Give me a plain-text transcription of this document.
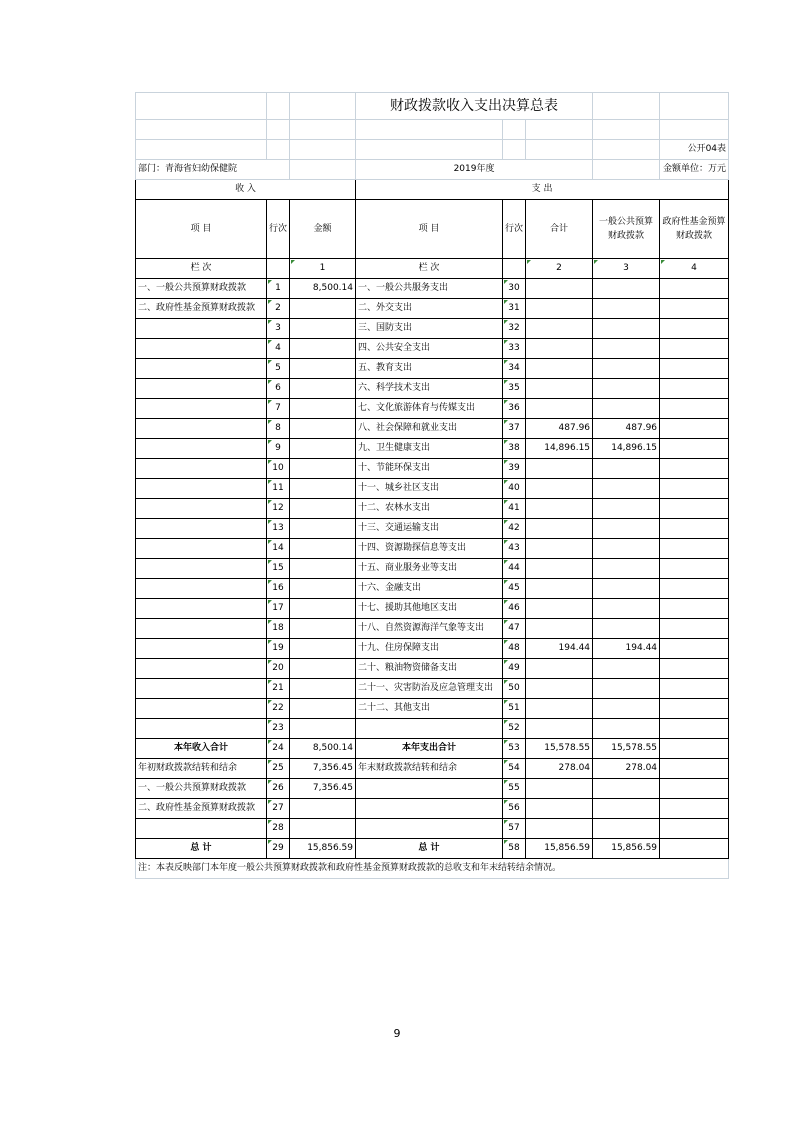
			财政拨款收入支出决算总表				

							公开04表
部门：青海省妇幼保健院			2019年度				金额单位：万元
收 入			支 出				
项 目	行次	金额	项 目	行次	合计	一般公共预算财政拨款	政府性基金预算财政拨款
栏 次		1	栏 次		2	3	4
一、一般公共预算财政拨款	1	8,500.14	一、一般公共服务支出	30			
二、政府性基金预算财政拨款	2		二、外交支出	31			
	3		三、国防支出	32			
	4		四、公共安全支出	33			
	5		五、教育支出	34			
	6		六、科学技术支出	35			
	7		七、文化旅游体育与传媒支出	36			
	8		八、社会保障和就业支出	37	487.96	487.96	
	9		九、卫生健康支出	38	14,896.15	14,896.15	
	10		十、节能环保支出	39			
	11		十一、城乡社区支出	40			
	12		十二、农林水支出	41			
	13		十三、交通运输支出	42			
	14		十四、资源勘探信息等支出	43			
	15		十五、商业服务业等支出	44			
	16		十六、金融支出	45			
	17		十七、援助其他地区支出	46			
	18		十八、自然资源海洋气象等支出	47			
	19		十九、住房保障支出	48	194.44	194.44	
	20		二十、粮油物资储备支出	49			
	21		二十一、灾害防治及应急管理支出	50			
	22		二十二、其他支出	51			
	23			52			
本年收入合计	24	8,500.14	本年支出合计	53	15,578.55	15,578.55	
年初财政拨款结转和结余	25	7,356.45	年末财政拨款结转和结余	54	278.04	278.04	
一、一般公共预算财政拨款	26	7,356.45		55			
二、政府性基金预算财政拨款	27			56			
	28			57			
总 计	29	15,856.59	总 计	58	15,856.59	15,856.59	
注：本表反映部门本年度一般公共预算财政拨款和政府性基金预算财政拨款的总收支和年末结转结余情况。							
9
